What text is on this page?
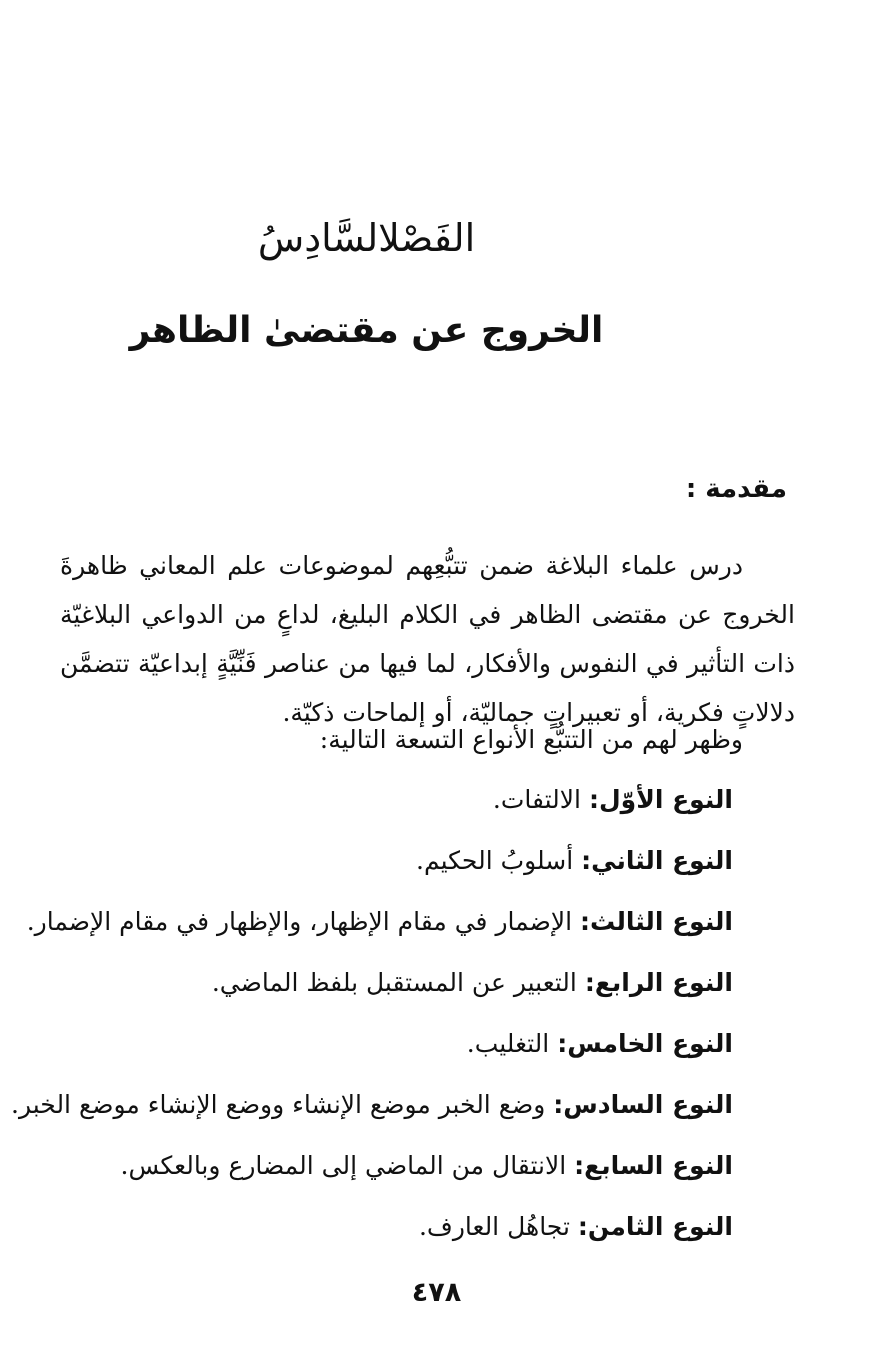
الفَصْلالسَّادِسُ
الخروج عن مقتضىٰ الظاهر
مقدمة :

درس علماء البلاغة ضمن تتبُّعِهم لموضوعات علم المعاني ظاهرةَ الخروج عن مقتضى الظاهر في الكلام البليغ، لداعٍ من الدواعي البلاغيّة ذات التأثير في النفوس والأفكار، لما فيها من عناصر فَنِّيَّةٍ إبداعيّة تتضمَّن دلالاتٍ فكرية، أو تعبيراتٍ جماليّة، أو إلماحات ذكيّة.

وظهر لهم من التتبُّع الأنواع التسعة التالية:
النوع الأوّل: الالتفات.
النوع الثاني: أسلوبُ الحكيم.
النوع الثالث: الإضمار في مقام الإظهار، والإظهار في مقام الإضمار.
النوع الرابع: التعبير عن المستقبل بلفظ الماضي.
النوع الخامس: التغليب.
النوع السادس: وضع الخبر موضع الإنشاء ووضع الإنشاء موضع الخبر.
النوع السابع: الانتقال من الماضي إلى المضارع وبالعكس.
النوع الثامن: تجاهُل العارف.
٤٧٨
